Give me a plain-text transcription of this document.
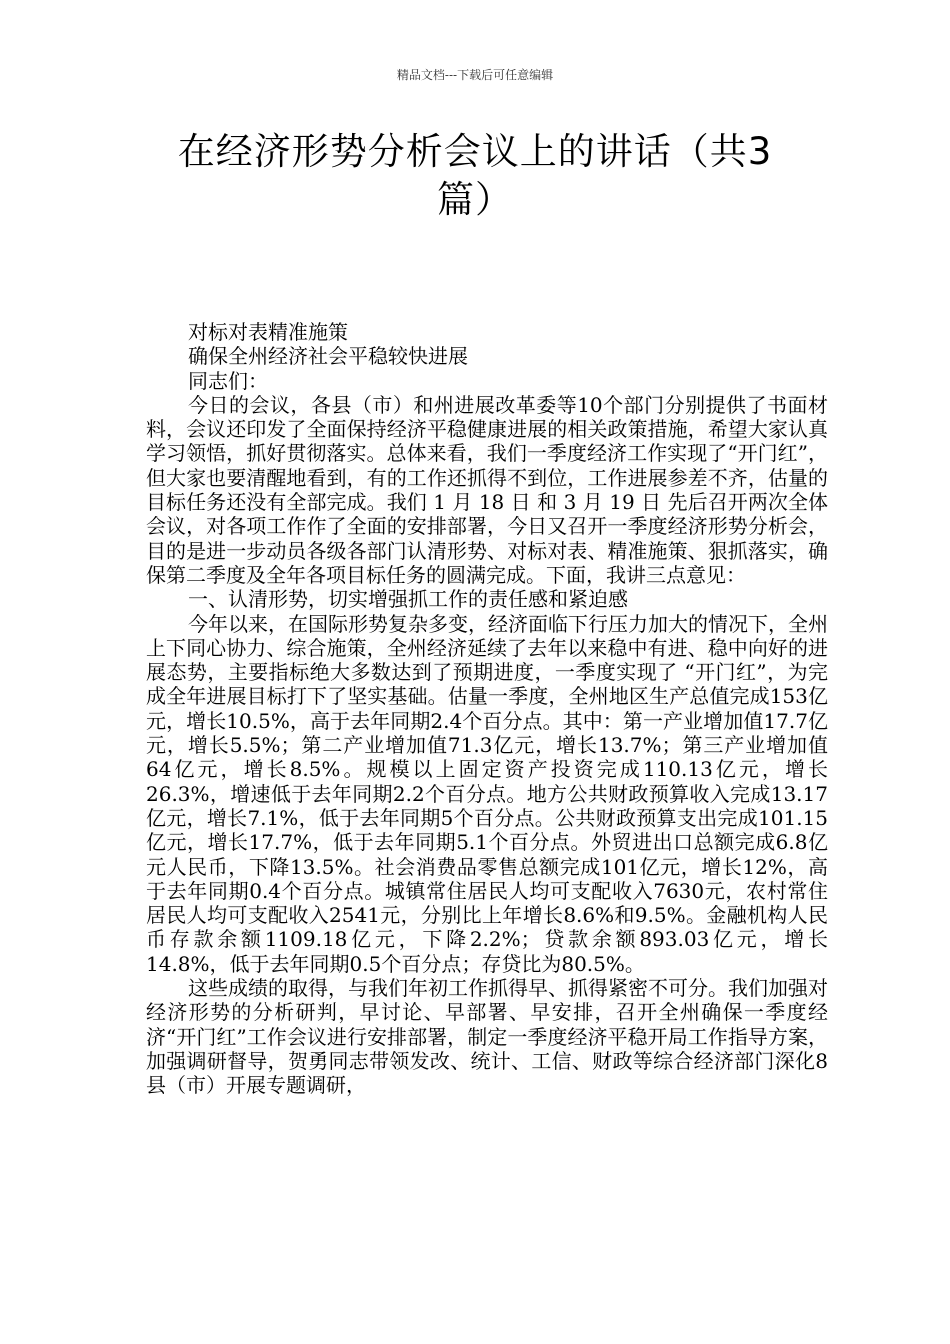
精品文档---下载后可任意编辑
在经济形势分析会议上的讲话（共3篇）

对标对表精准施策

确保全州经济社会平稳较快进展

同志们：

今日的会议，各县（市）和州进展改革委等10个部门分别提供了书面材料，会议还印发了全面保持经济平稳健康进展的相关政策措施，希望大家认真学习领悟，抓好贯彻落实。总体来看，我们一季度经济工作实现了“开门红”，但大家也要清醒地看到，有的工作还抓得不到位，工作进展参差不齐，估量的目标任务还没有全部完成。我们 1 月 18 日 和 3 月 19 日 先后召开两次全体会议，对各项工作作了全面的安排部署，今日又召开一季度经济形势分析会，目的是进一步动员各级各部门认清形势、对标对表、精准施策、狠抓落实，确保第二季度及全年各项目标任务的圆满完成。下面，我讲三点意见：

一、认清形势，切实增强抓工作的责任感和紧迫感

今年以来，在国际形势复杂多变，经济面临下行压力加大的情况下，全州上下同心协力、综合施策，全州经济延续了去年以来稳中有进、稳中向好的进展态势，主要指标绝大多数达到了预期进度，一季度实现了 “开门红”，为完成全年进展目标打下了坚实基础。估量一季度，全州地区生产总值完成153亿元，增长10.5%，高于去年同期2.4个百分点。其中：第一产业增加值17.7亿元，增长5.5%；第二产业增加值71.3亿元，增长13.7%；第三产业增加值64亿元，增长8.5%。规模以上固定资产投资完成110.13亿元，增长26.3%，增速低于去年同期2.2个百分点。地方公共财政预算收入完成13.17亿元，增长7.1%，低于去年同期5个百分点。公共财政预算支出完成101.15亿元，增长17.7%，低于去年同期5.1个百分点。外贸进出口总额完成6.8亿元人民币，下降13.5%。社会消费品零售总额完成101亿元，增长12%，高于去年同期0.4个百分点。城镇常住居民人均可支配收入7630元，农村常住居民人均可支配收入2541元，分别比上年增长8.6%和9.5%。金融机构人民币存款余额1109.18亿元，下降2.2%；贷款余额893.03亿元，增长14.8%，低于去年同期0.5个百分点；存贷比为80.5%。

这些成绩的取得，与我们年初工作抓得早、抓得紧密不可分。我们加强对经济形势的分析研判，早讨论、早部署、早安排，召开全州确保一季度经济“开门红”工作会议进行安排部署，制定一季度经济平稳开局工作指导方案，加强调研督导，贺勇同志带领发改、统计、工信、财政等综合经济部门深化8县（市）开展专题调研，
